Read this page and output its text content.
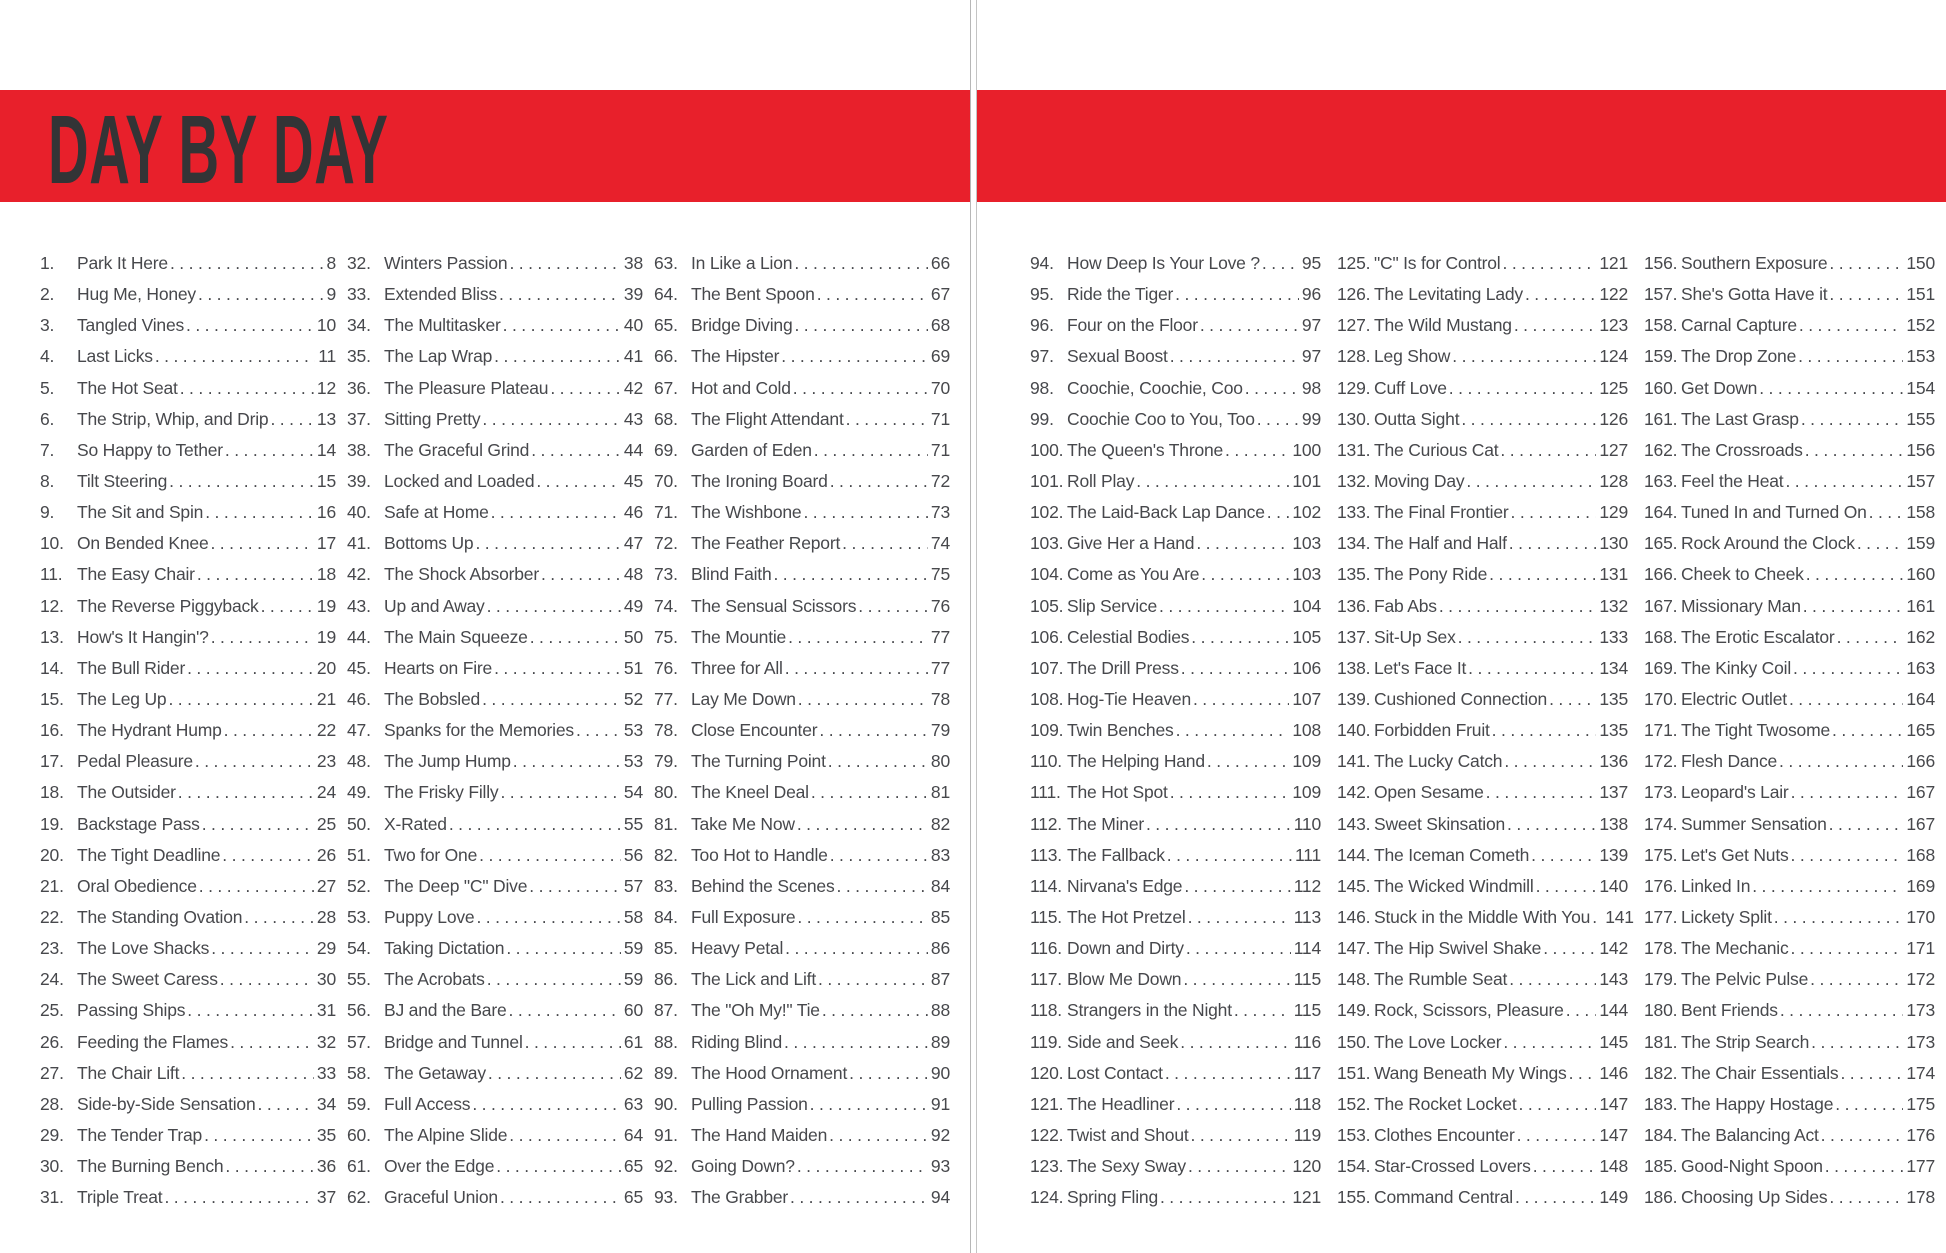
DAY BY DAY
1.	Park It Here . . .	8
2.	Hug Me, Honey . . .	9
3.	Tangled Vines . . .	10
4.	Last Licks . . .	11
5.	The Hot Seat . . .	12
6.	The Strip, Whip, and Drip . . .	13
7.	So Happy to Tether . . .	14
8.	Tilt Steering . . .	15
9.	The Sit and Spin . . .	16
10. On Bended Knee . . .	17
11. The Easy Chair . . .	18
12. The Reverse Piggyback . . .	19
13. How's It Hangin'? . . .	19
14. The Bull Rider . . .	20
15. The Leg Up . . .	21
16. The Hydrant Hump . . .	22
17. Pedal Pleasure . . .	23
18. The Outsider . . .	24
19. Backstage Pass . . .	25
20. The Tight Deadline . . .	26
21. Oral Obedience . . .	27
22. The Standing Ovation . . .	28
23. The Love Shacks . . .	29
24. The Sweet Caress . . .	30
25. Passing Ships . . .	31
26. Feeding the Flames . . .	32
27. The Chair Lift . . .	33
28. Side-by-Side Sensation . . .	34
29. The Tender Trap . . .	35
30. The Burning Bench . . .	36
31. Triple Treat . . .	37
32. Winters Passion . . .	38
33. Extended Bliss . . .	39
34. The Multitasker . . .	40
35. The Lap Wrap . . .	41
36. The Pleasure Plateau . . .	42
37. Sitting Pretty . . .	43
38. The Graceful Grind . . .	44
39. Locked and Loaded . . .	45
40. Safe at Home . . .	46
41. Bottoms Up . . .	47
42. The Shock Absorber . . .	48
43. Up and Away . . .	49
44. The Main Squeeze . . .	50
45. Hearts on Fire . . .	51
46. The Bobsled . . .	52
47. Spanks for the Memories . . .	53
48. The Jump Hump . . .	53
49. The Frisky Filly . . .	54
50. X-Rated . . .	55
51. Two for One . . .	56
52. The Deep "C" Dive . . .	57
53. Puppy Love . . .	58
54. Taking Dictation . . .	59
55. The Acrobats . . .	59
56. BJ and the Bare . . .	60
57. Bridge and Tunnel . . .	61
58. The Getaway . . .	62
59. Full Access . . .	63
60. The Alpine Slide . . .	64
61. Over the Edge . . .	65
62. Graceful Union . . .	65
63. In Like a Lion . . .	66
64. The Bent Spoon . . .	67
65. Bridge Diving . . .	68
66. The Hipster . . .	69
67. Hot and Cold . . .	70
68. The Flight Attendant . . .	71
69. Garden of Eden . . .	71
70. The Ironing Board . . .	72
71. The Wishbone . . .	73
72. The Feather Report . . .	74
73. Blind Faith . . .	75
74. The Sensual Scissors . . .	76
75. The Mountie . . .	77
76. Three for All . . .	77
77. Lay Me Down . . .	78
78. Close Encounter . . .	79
79. The Turning Point . . .	80
80. The Kneel Deal . . .	81
81. Take Me Now . . .	82
82. Too Hot to Handle . . .	83
83. Behind the Scenes . . .	84
84. Full Exposure . . .	85
85. Heavy Petal . . .	86
86. The Lick and Lift . . .	87
87. The "Oh My!" Tie . . .	88
88. Riding Blind . . .	89
89. The Hood Ornament . . .	90
90. Pulling Passion . . .	91
91. The Hand Maiden . . .	92
92. Going Down? . . .	93
93. The Grabber . . .	94
94. How Deep Is Your Love ? . . . 95
95. Ride the Tiger . . .	96
96. Four on the Floor . . .	97
97. Sexual Boost . . .	97
98. Coochie, Coochie, Coo . . .	98
99. Coochie Coo to You, Too . . .	99
100. The Queen's Throne . . .	100
101. Roll Play . . .	101
102. The Laid-Back Lap Dance . . . 102
103. Give Her a Hand . . .	103
104. Come as You Are . . .	103
105. Slip Service . . .	104
106. Celestial Bodies . . .	105
107. The Drill Press . . .	106
108. Hog-Tie Heaven . . .	107
109. Twin Benches . . .	108
110. The Helping Hand . . .	109
111. The Hot Spot . . .	109
112. The Miner . . .	110
113. The Fallback . . .	111
114. Nirvana's Edge . . .	112
115. The Hot Pretzel . . .	113
116. Down and Dirty . . .	114
117. Blow Me Down . . .	115
118. Strangers in the Night . . .	115
119. Side and Seek . . .	116
120. Lost Contact . . .	117
121. The Headliner . . .	118
122. Twist and Shout . . .	119
123. The Sexy Sway . . .	120
124. Spring Fling . . .	121
125. "C" Is for Control . . .	121
126. The Levitating Lady . . .	122
127. The Wild Mustang . . .	123
128. Leg Show . . .	124
129. Cuff Love . . .	125
130. Outta Sight . . .	126
131. The Curious Cat . . .	127
132. Moving Day . . .	128
133. The Final Frontier . . .	129
134. The Half and Half . . .	130
135. The Pony Ride . . .	131
136. Fab Abs . . .	132
137. Sit-Up Sex . . .	133
138. Let's Face It . . .	134
139. Cushioned Connection . . .	135
140. Forbidden Fruit . . .	135
141. The Lucky Catch . . .	136
142. Open Sesame . . .	137
143. Sweet Skinsation . . .	138
144. The Iceman Cometh . . .	139
145. The Wicked Windmill . . .	140
146. Stuck in the Middle With You . . . 141
147. The Hip Swivel Shake . . .	142
148. The Rumble Seat . . .	143
149. Rock, Scissors, Pleasure . . . 144
150. The Love Locker . . .	145
151. Wang Beneath My Wings . . . 146
152. The Rocket Locket . . .	147
153. Clothes Encounter . . .	147
154. Star-Crossed Lovers . . .	148
155. Command Central . . .	149
156. Southern Exposure . . .	150
157. She's Gotta Have it . . .	151
158. Carnal Capture . . .	152
159. The Drop Zone . . .	153
160. Get Down . . .	154
161. The Last Grasp . . .	155
162. The Crossroads . . .	156
163. Feel the Heat . . .	157
164. Tuned In and Turned On . . . 158
165. Rock Around the Clock . . .	159
166. Cheek to Cheek . . .	160
167. Missionary Man . . .	161
168. The Erotic Escalator . . .	162
169. The Kinky Coil . . .	163
170. Electric Outlet . . .	164
171. The Tight Twosome . . .	165
172. Flesh Dance . . .	166
173. Leopard's Lair . . .	167
174. Summer Sensation . . .	167
175. Let's Get Nuts . . .	168
176. Linked In . . .	169
177. Lickety Split . . .	170
178. The Mechanic . . .	171
179. The Pelvic Pulse . . .	172
180. Bent Friends . . .	173
181. The Strip Search . . .	173
182. The Chair Essentials . . .	174
183. The Happy Hostage . . .	175
184. The Balancing Act . . .	176
185. Good-Night Spoon . . .	177
186. Choosing Up Sides . . .	178
